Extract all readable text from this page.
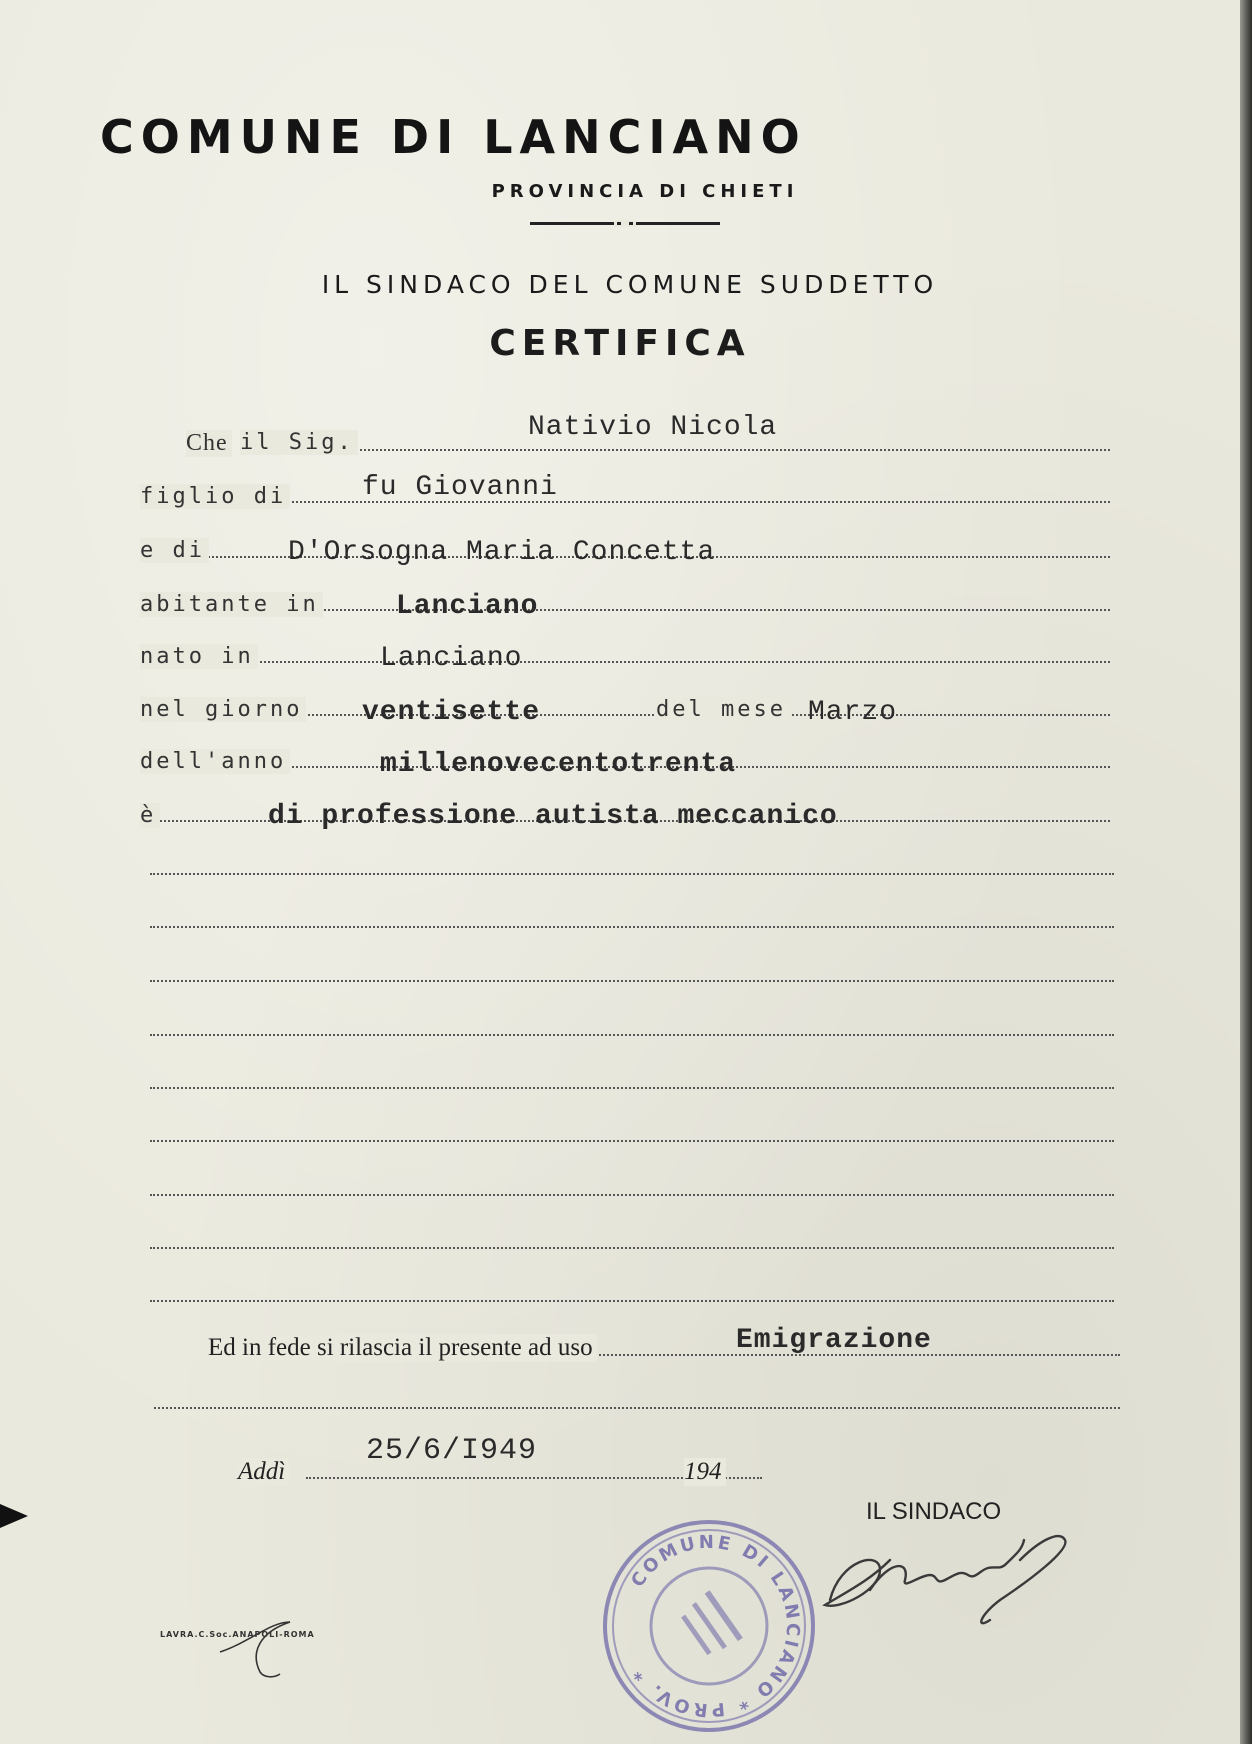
COMUNE DI LANCIANO
PROVINCIA DI CHIETI
IL SINDACO DEL COMUNE SUDDETTO
CERTIFICA
Che il Sig.	Nativio Nicola
figlio di	fu Giovanni
e di	D'Orsogna Maria Concetta
abitante in	Lanciano
nato in	Lanciano
nel giorno ventisette	del mese Marzo
dell'anno	millenovecentotrenta
è	di professione autista meccanico
Ed in fede si rilascia il presente ad uso	Emigrazione
Addì
25/6/I949
194
IL SINDACO
COMUNE DI LANCIANO * PROV. *
LAVRA.C.Soc.ANAPOLI-ROMA
